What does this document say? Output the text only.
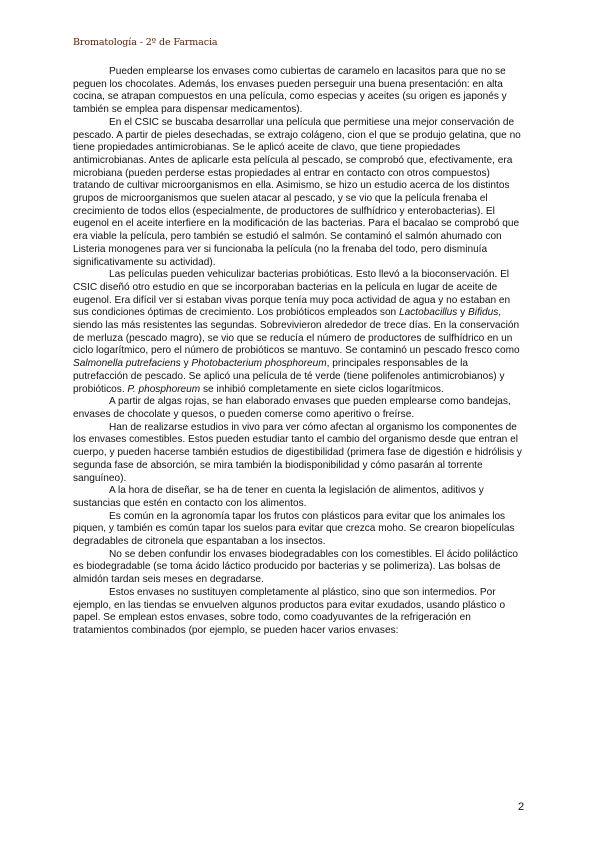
Bromatología - 2º de Farmacia

Pueden emplearse los envases como cubiertas de caramelo en lacasitos para que no se peguen los chocolates. Además, los envases pueden perseguir una buena presentación: en alta cocina, se atrapan compuestos en una película, como especias y aceites (su origen es japonés y también se emplea para dispensar medicamentos).

En el CSIC se buscaba desarrollar una película que permitiese una mejor conservación de pescado. A partir de pieles desechadas, se extrajo colágeno, cion el que se produjo gelatina, que no tiene propiedades antimicrobianas. Se le aplicó aceite de clavo, que tiene propiedades antimicrobianas. Antes de aplicarle esta película al pescado, se comprobó que, efectivamente, era microbiana (pueden perderse estas propiedades al entrar en contacto con otros compuestos) tratando de cultivar microorganismos en ella. Asimismo, se hizo un estudio acerca de los distintos grupos de microorganismos que suelen atacar al pescado, y se vio que la película frenaba el crecimiento de todos ellos (especialmente, de productores de sulfhídrico y enterobacterias). El eugenol en el aceite interfiere en la modificación de las bacterias. Para el bacalao se comprobó que era viable la película, pero también se estudió el salmón. Se contaminó el salmón ahumado con Listeria monogenes para ver si funcionaba la película (no la frenaba del todo, pero disminuía significativamente su actividad).

Las películas pueden vehiculizar bacterias probióticas. Esto llevó a la bioconservación. El CSIC diseñó otro estudio en que se incorporaban bacterias en la película en lugar de aceite de eugenol. Era difícil ver si estaban vivas porque tenía muy poca actividad de agua y no estaban en sus condiciones óptimas de crecimiento. Los probióticos empleados son Lactobacillus y Bifidus, siendo las más resistentes las segundas. Sobrevivieron alrededor de trece días. En la conservación de merluza (pescado magro), se vio que se reducía el número de productores de sulfhídrico en un ciclo logarítmico, pero el número de probióticos se mantuvo. Se contaminó un pescado fresco como Salmonella putrefaciens y Photobacterium phosphoreum, principales responsables de la putrefacción de pescado. Se aplicó una película de té verde (tiene polifenoles antimicrobianos) y probióticos. P. phosphoreum se inhibió completamente en siete ciclos logarítmicos.

A partir de algas rojas, se han elaborado envases que pueden emplearse como bandejas, envases de chocolate y quesos, o pueden comerse como aperitivo o freírse.

Han de realizarse estudios in vivo para ver cómo afectan al organismo los componentes de los envases comestibles. Estos pueden estudiar tanto el cambio del organismo desde que entran el cuerpo, y pueden hacerse también estudios de digestibilidad (primera fase de digestión e hidrólisis y segunda fase de absorción, se mira también la biodisponibilidad y cómo pasarán al torrente sanguíneo).

A la hora de diseñar, se ha de tener en cuenta la legislación de alimentos, aditivos y sustancias que estén en contacto con los alimentos.

Es común en la agronomía tapar los frutos con plásticos para evitar que los animales los piquen, y también es común tapar los suelos para evitar que crezca moho. Se crearon biopelículas degradables de citronela que espantaban a los insectos.

No se deben confundir los envases biodegradables con los comestibles. El ácido poliláctico es biodegradable (se toma ácido láctico producido por bacterias y se polimeriza). Las bolsas de almidón tardan seis meses en degradarse.

Estos envases no sustituyen completamente al plástico, sino que son intermedios. Por ejemplo, en las tiendas se envuelven algunos productos para evitar exudados, usando plástico o papel. Se emplean estos envases, sobre todo, como coadyuvantes de la refrigeración en tratamientos combinados (por ejemplo, se pueden hacer varios envases:

2
